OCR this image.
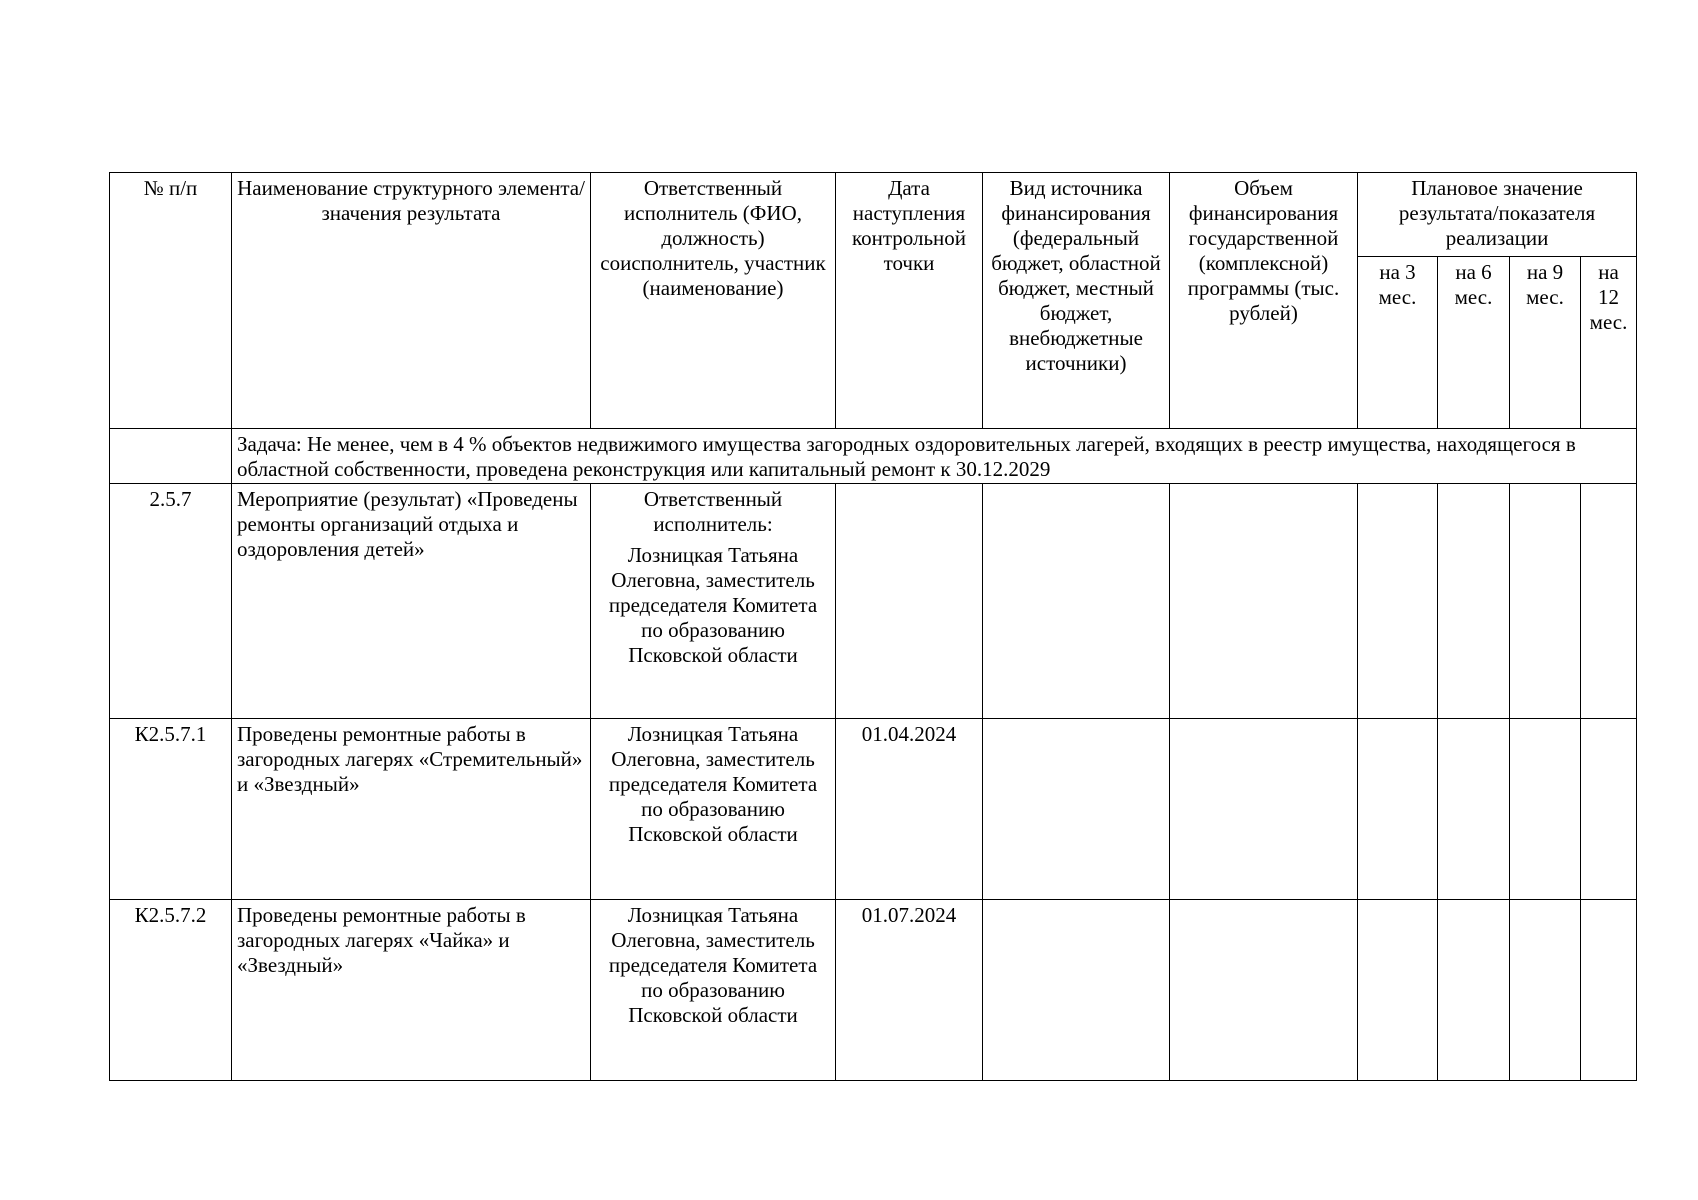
№ п/п	Наименование структурного элемента/ значения результата	Ответственный исполнитель (ФИО, должность) соисполнитель, участник (наименование)	Дата наступления контрольной точки	Вид источника финансирования (федеральный бюджет, областной бюджет, местный бюджет, внебюджетные источники)	Объем финансирования государственной (комплексной) программы (тыс. рублей)	Плановое значение результата/показателя реализации			
						на 3 мес.	на 6 мес.	на 9 мес.	на 12 мес.
	Задача: Не менее, чем в 4 % объектов недвижимого имущества загородных оздоровительных лагерей, входящих в реестр имущества, находящегося в областной собственности, проведена реконструкция или капитальный ремонт к 30.12.2029								
2.5.7	Мероприятие (результат) «Проведены ремонты организаций отдыха и оздоровления детей»	Ответственный исполнитель:
Лозницкая Татьяна Олеговна, заместитель председателя Комитета по образованию Псковской области							
К2.5.7.1	Проведены ремонтные работы в загородных лагерях «Стремительный» и «Звездный»	Лозницкая Татьяна Олеговна, заместитель председателя Комитета по образованию Псковской области	01.04.2024						
К2.5.7.2	Проведены ремонтные работы в загородных лагерях «Чайка» и «Звездный»	Лозницкая Татьяна Олеговна, заместитель председателя Комитета по образованию Псковской области	01.07.2024						
